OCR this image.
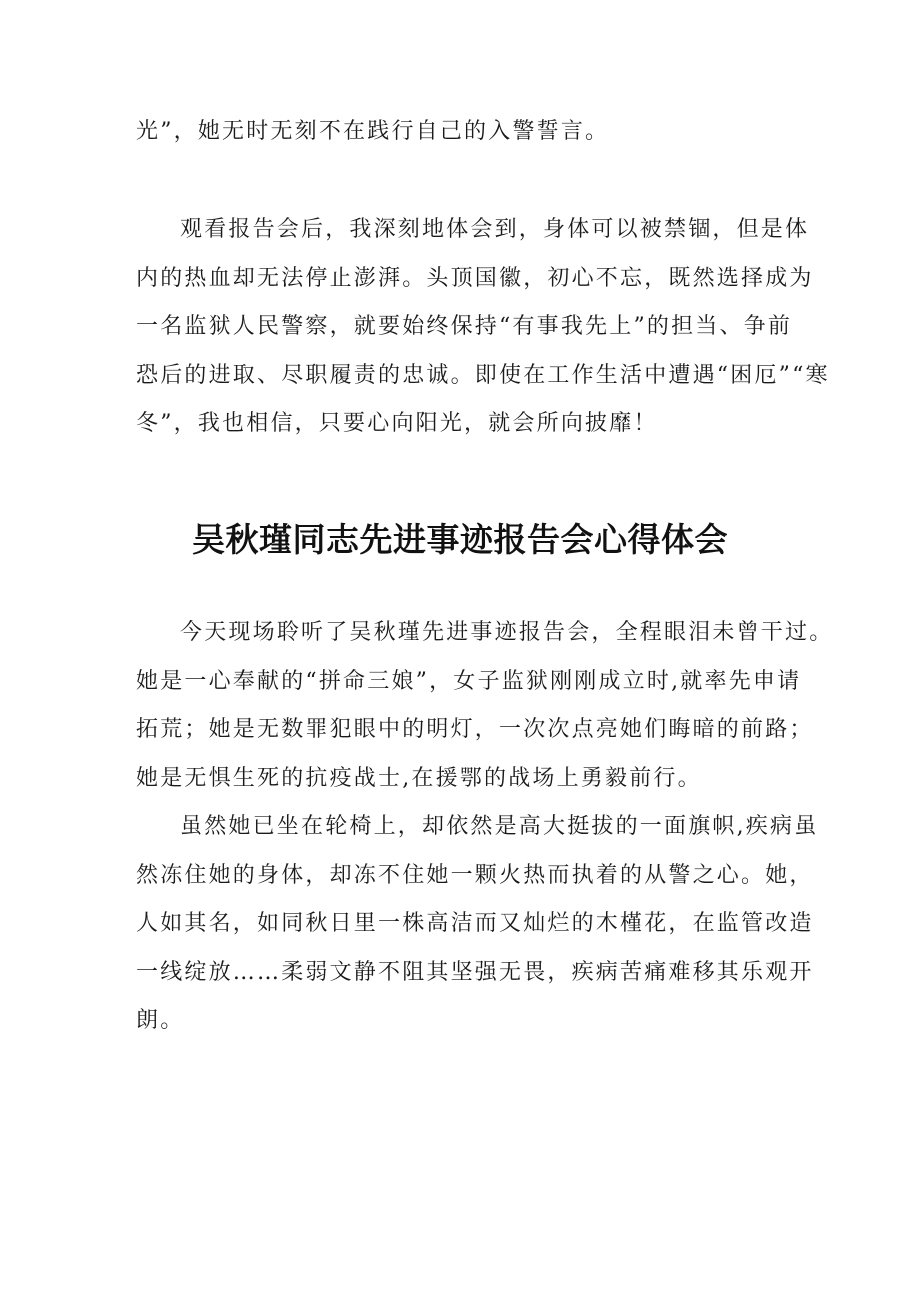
光”，她无时无刻不在践行自己的入警誓言。
观看报告会后，我深刻地体会到，身体可以被禁锢，但是体
内的热血却无法停止澎湃。头顶国徽，初心不忘，既然选择成为
一名监狱人民警察，就要始终保持“有事我先上”的担当、争前
恐后的进取、尽职履责的忠诚。即使在工作生活中遭遇“困厄”“寒
冬”，我也相信，只要心向阳光，就会所向披靡！
吴秋瑾同志先进事迹报告会心得体会
今天现场聆听了吴秋瑾先进事迹报告会，全程眼泪未曾干过。
她是一心奉献的“拼命三娘”，女子监狱刚刚成立时,就率先申请
拓荒；她是无数罪犯眼中的明灯，一次次点亮她们晦暗的前路；
她是无惧生死的抗疫战士,在援鄂的战场上勇毅前行。
虽然她已坐在轮椅上，却依然是高大挺拔的一面旗帜,疾病虽
然冻住她的身体，却冻不住她一颗火热而执着的从警之心。她，
人如其名，如同秋日里一株高洁而又灿烂的木槿花，在监管改造
一线绽放……柔弱文静不阻其坚强无畏，疾病苦痛难移其乐观开
朗。
